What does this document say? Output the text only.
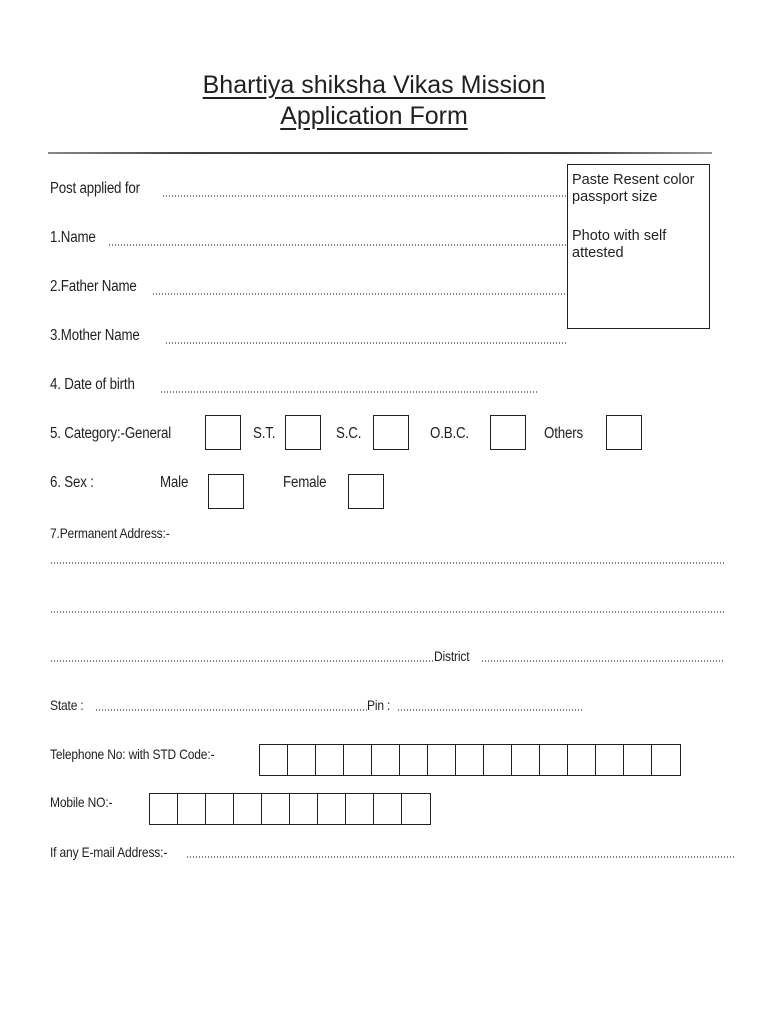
Bhartiya shiksha Vikas Mission
Application Form
Paste Resent color passport size
Photo with self attested
Post applied for
1.Name
2.Father Name
3.Mother Name
4. Date of birth
5. Category:-General	S.T.	S.C.	O.B.C.	Others
6. Sex :	Male	Female
7.Permanent Address:-
District
State :	Pin :
Telephone No: with STD Code:-
Mobile NO:-
If any E-mail Address:-
